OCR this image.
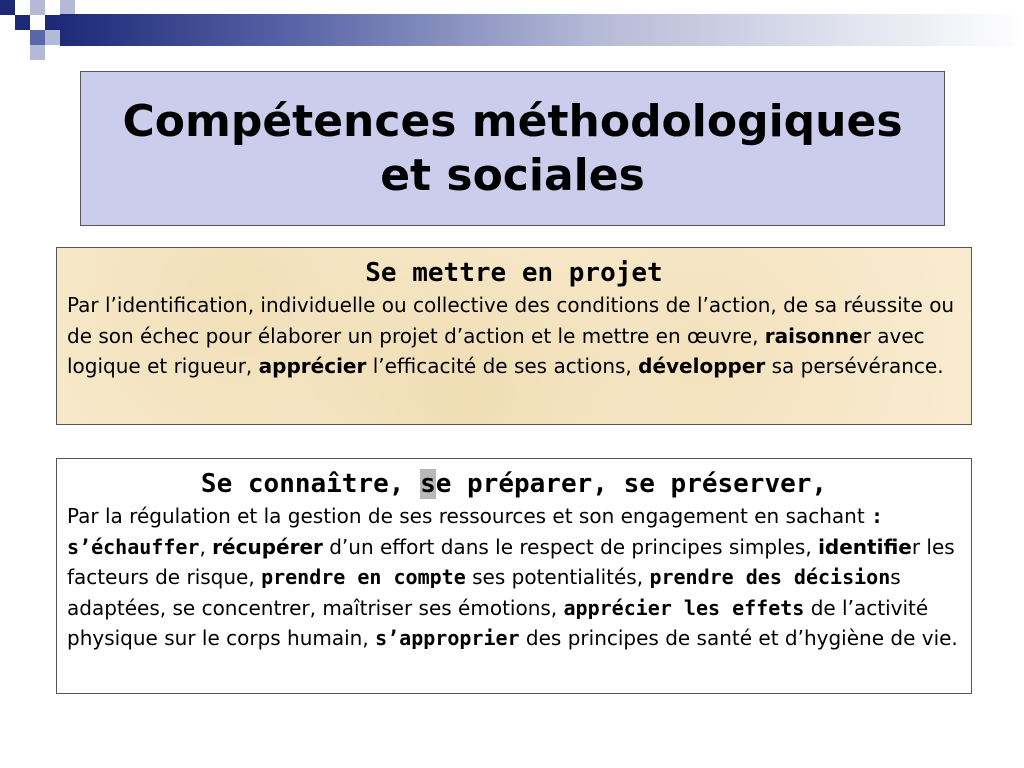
Compétences méthodologiques
et sociales

Se mettre en projet

Par l’identification, individuelle ou collective des conditions de l’action, de sa réussite ou de son échec pour élaborer un projet d’action et le mettre en œuvre, raisonner avec logique et rigueur, apprécier l’efficacité de ses actions, développer sa persévérance.

Se connaître, se préparer, se préserver,

Par la régulation et la gestion de ses ressources et son engagement en sachant : s’échauffer, récupérer d’un effort dans le respect de principes simples, identifier les facteurs de risque, prendre en compte ses potentialités, prendre des décisions adaptées, se concentrer, maîtriser ses émotions, apprécier les effets de l’activité physique sur le corps humain, s’approprier des principes de santé et d’hygiène de vie.
